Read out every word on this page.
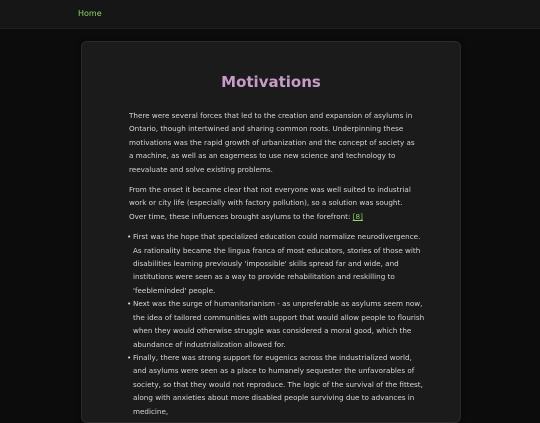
Home
Motivations

There were several forces that led to the creation and expansion of asylums in Ontario, though intertwined and sharing common roots. Underpinning these motivations was the rapid growth of urbanization and the concept of society as a machine, as well as an eagerness to use new science and technology to reevaluate and solve existing problems.

From the onset it became clear that not everyone was well suited to industrial work or city life (especially with factory pollution), so a solution was sought. Over time, these influences brought asylums to the forefront: [8]

• First was the hope that specialized education could normalize neurodivergence. As rationality became the lingua franca of most educators, stories of those with disabilities learning previously 'impossible' skills spread far and wide, and institutions were seen as a way to provide rehabilitation and reskilling to 'feebleminded' people.
• Next was the surge of humanitarianism - as unpreferable as asylums seem now, the idea of tailored communities with support that would allow people to flourish when they would otherwise struggle was considered a moral good, which the abundance of industrialization allowed for.
• Finally, there was strong support for eugenics across the industrialized world, and asylums were seen as a place to humanely sequester the unfavorables of society, so that they would not reproduce. The logic of the survival of the fittest, along with anxieties about more disabled people surviving due to advances in medicine,
